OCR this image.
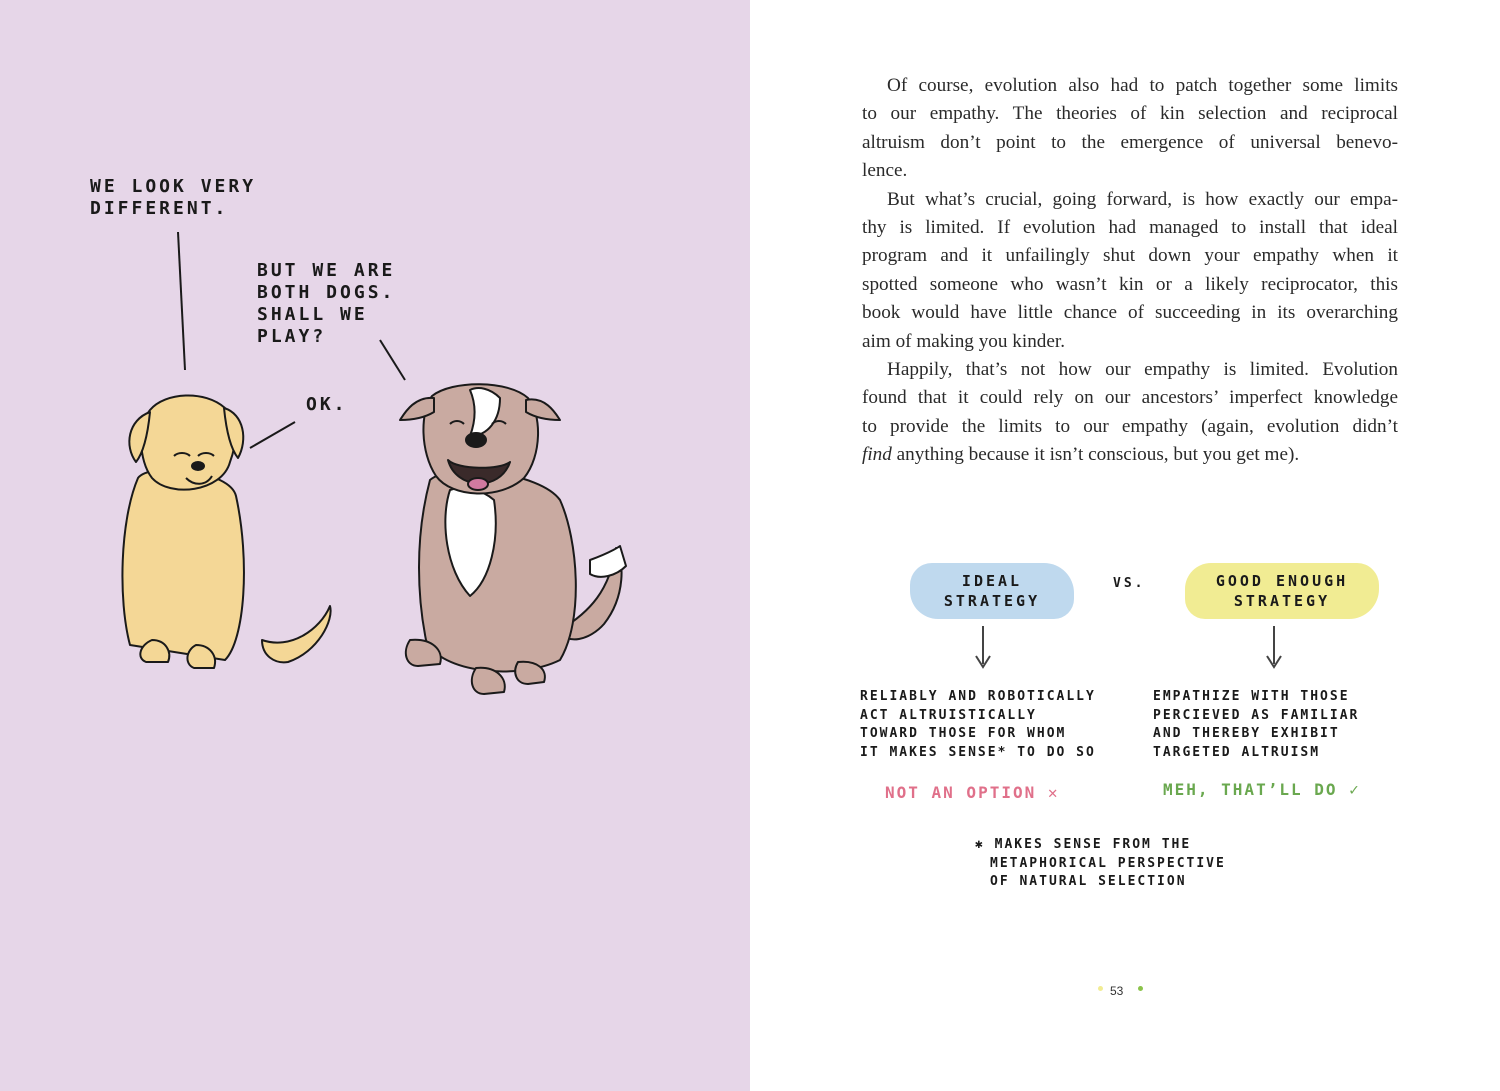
WE LOOK VERY
DIFFERENT.
BUT WE ARE
BOTH DOGS.
SHALL WE
PLAY?
OK.

Of course, evolution also had to patch together some limits
to our empathy. The theories of kin selection and reciprocal
altruism don’t point to the emergence of universal benevo-
lence.

But what’s crucial, going forward, is how exactly our empa-
thy is limited. If evolution had managed to install that ideal
program and it unfailingly shut down your empathy when it
spotted someone who wasn’t kin or a likely reciprocator, this
book would have little chance of succeeding in its overarching
aim of making you kinder.

Happily, that’s not how our empathy is limited. Evolution
found that it could rely on our ancestors’ imperfect knowledge
to provide the limits to our empathy (again, evolution didn’t
find anything because it isn’t conscious, but you get me).

IDEAL
STRATEGY
VS.	GOOD ENOUGH
STRATEGY
RELIABLY AND ROBOTICALLY
ACT ALTRUISTICALLY
TOWARD THOSE FOR WHOM
IT MAKES SENSE* TO DO SO
EMPATHIZE WITH THOSE
PERCIEVED AS FAMILIAR
AND THEREBY EXHIBIT
TARGETED ALTRUISM
NOT AN OPTION ✕	MEH, THAT’LL DO ✓
✱ MAKES SENSE FROM THE
METAPHORICAL PERSPECTIVE
OF NATURAL SELECTION
53
